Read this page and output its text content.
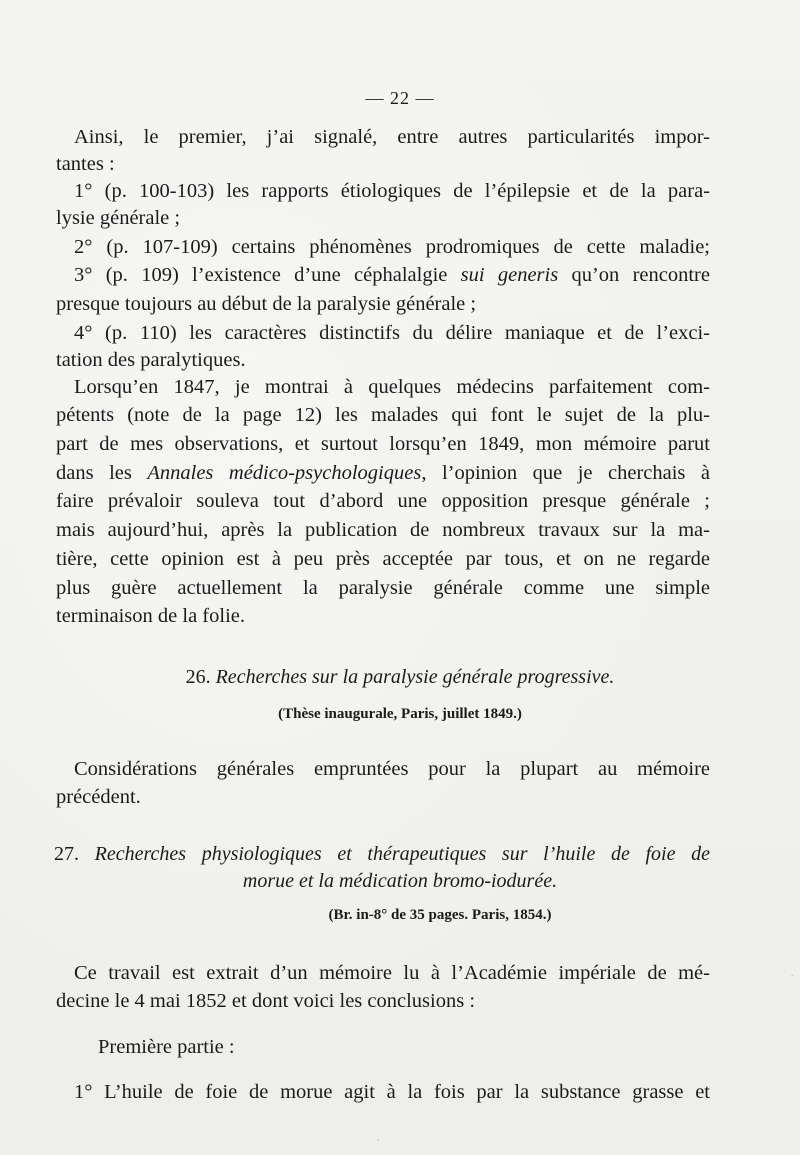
— 22 —
Ainsi, le premier, j’ai signalé, entre autres particularités impor-
tantes :
1° (p. 100-103) les rapports étiologiques de l’épilepsie et de la para-
lysie générale ;
2° (p. 107-109) certains phénomènes prodromiques de cette maladie;
3° (p. 109) l’existence d’une céphalalgie sui generis qu’on rencontre
presque toujours au début de la paralysie générale ;
4° (p. 110) les caractères distinctifs du délire maniaque et de l’exci-
tation des paralytiques.
Lorsqu’en 1847, je montrai à quelques médecins parfaitement com-
pétents (note de la page 12) les malades qui font le sujet de la plu-
part de mes observations, et surtout lorsqu’en 1849, mon mémoire parut
dans les Annales médico-psychologiques, l’opinion que je cherchais à
faire prévaloir souleva tout d’abord une opposition presque générale ;
mais aujourd’hui, après la publication de nombreux travaux sur la ma-
tière, cette opinion est à peu près acceptée par tous, et on ne regarde
plus guère actuellement la paralysie générale comme une simple
terminaison de la folie.
26. Recherches sur la paralysie générale progressive.
(Thèse inaugurale, Paris, juillet 1849.)
Considérations générales empruntées pour la plupart au mémoire
précédent.
27. Recherches physiologiques et thérapeutiques sur l’huile de foie de
morue et la médication bromo-iodurée.
(Br. in-8° de 35 pages. Paris, 1854.)
Ce travail est extrait d’un mémoire lu à l’Académie impériale de mé-
decine le 4 mai 1852 et dont voici les conclusions :
Première partie :
1° L’huile de foie de morue agit à la fois par la substance grasse et
·
·
